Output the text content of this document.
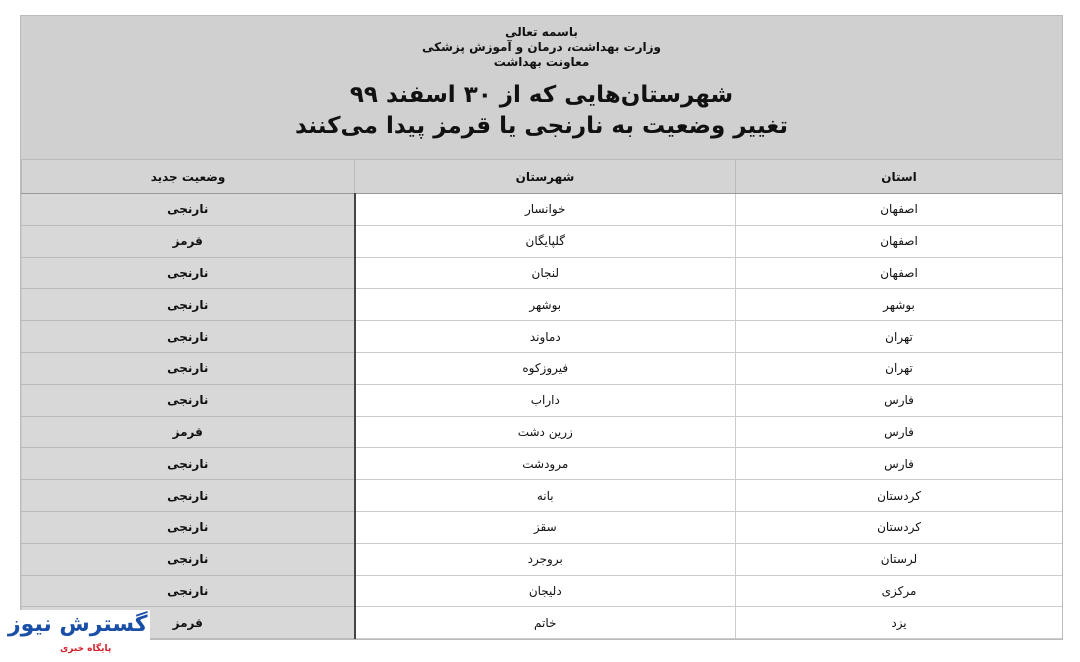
باسمه تعالی
وزارت بهداشت، درمان و آموزش پزشکی
معاونت بهداشت
شهرستان‌هایی که از ۳۰ اسفند ۹۹
تغییر وضعیت به نارنجی یا قرمز پیدا می‌کنند
استان	شهرستان	وضعیت جدید
اصفهان	خوانسار	نارنجی
اصفهان	گلپایگان	قرمز
اصفهان	لنجان	نارنجی
بوشهر	بوشهر	نارنجی
تهران	دماوند	نارنجی
تهران	فیروزکوه	نارنجی
فارس	داراب	نارنجی
فارس	زرین دشت	قرمز
فارس	مرودشت	نارنجی
کردستان	بانه	نارنجی
کردستان	سقز	نارنجی
لرستان	بروجرد	نارنجی
مرکزی	دلیجان	نارنجی
یزد	خاتم	قرمز
گسترش نیوز
پایگاه خبری
